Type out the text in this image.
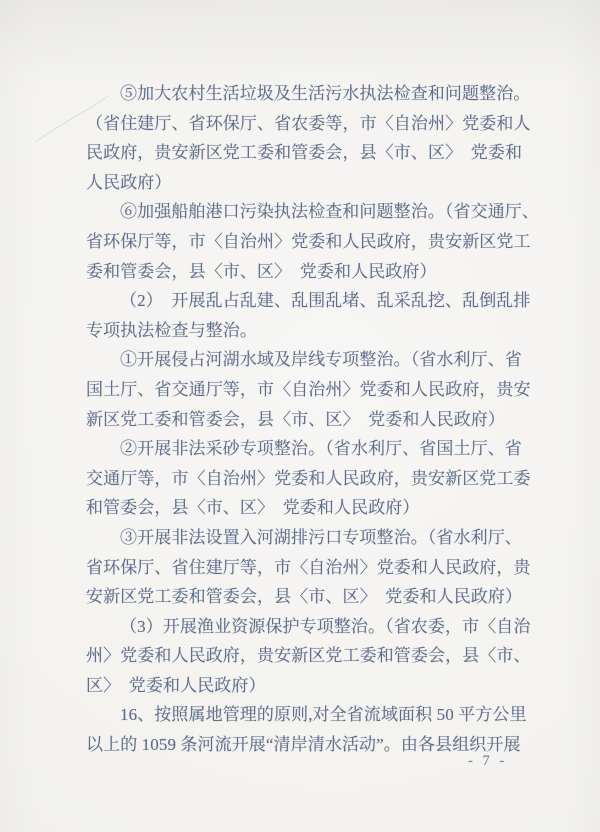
⑤加大农村生活垃圾及生活污水执法检查和问题整治。
（省住建厅、省环保厅、省农委等，市〈自治州〉党委和人
民政府，贵安新区党工委和管委会，县〈市、区〉　党委和
人民政府）
⑥加强船舶港口污染执法检查和问题整治。（省交通厅、
省环保厅等，市〈自治州〉党委和人民政府，贵安新区党工
委和管委会，县〈市、区〉　党委和人民政府）
（2）　开展乱占乱建、乱围乱堵、乱采乱挖、乱倒乱排
专项执法检查与整治。
①开展侵占河湖水域及岸线专项整治。（省水利厅、省
国土厅、省交通厅等，市〈自治州〉党委和人民政府，贵安
新区党工委和管委会，县〈市、区〉　党委和人民政府）
②开展非法采砂专项整治。（省水利厅、省国土厅、省
交通厅等，市〈自治州〉党委和人民政府，贵安新区党工委
和管委会，县〈市、区〉　党委和人民政府）
③开展非法设置入河湖排污口专项整治。（省水利厅、
省环保厅、省住建厅等，市〈自治州〉党委和人民政府，贵
安新区党工委和管委会，县〈市、区〉　党委和人民政府）
（3）开展渔业资源保护专项整治。（省农委，市〈自治
州〉党委和人民政府，贵安新区党工委和管委会，县〈市、
区〉　党委和人民政府）
16、按照属地管理的原则,对全省流域面积 50 平方公里
以上的 1059 条河流开展“清岸清水活动”。由各县组织开展
- 7 -
